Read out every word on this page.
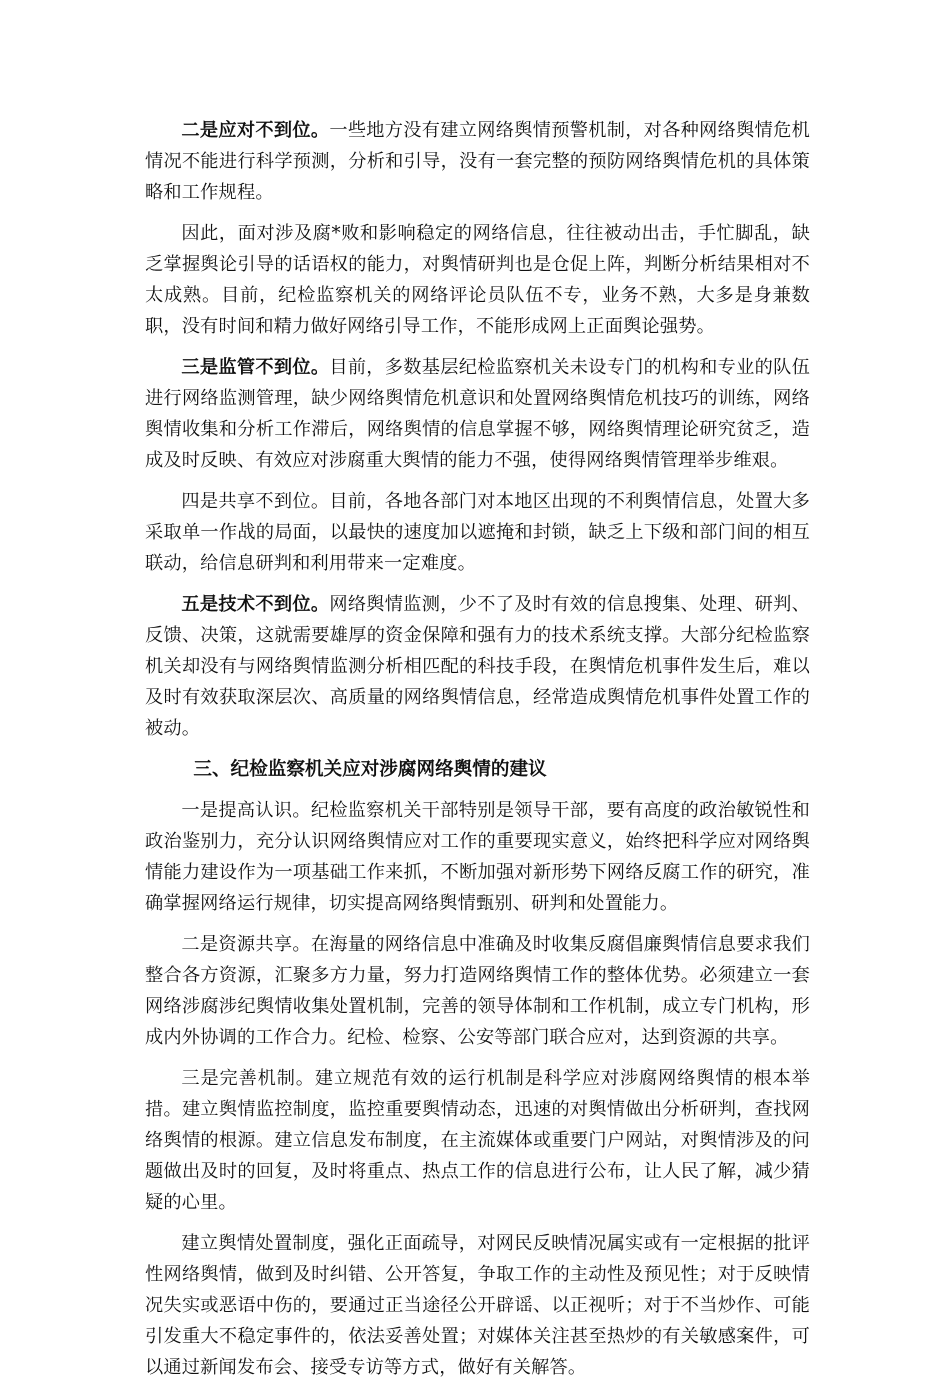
二是应对不到位。一些地方没有建立网络舆情预警机制，对各种网络舆情危机情况不能进行科学预测，分析和引导，没有一套完整的预防网络舆情危机的具体策略和工作规程。

因此，面对涉及腐*败和影响稳定的网络信息，往往被动出击，手忙脚乱，缺乏掌握舆论引导的话语权的能力，对舆情研判也是仓促上阵，判断分析结果相对不太成熟。目前，纪检监察机关的网络评论员队伍不专，业务不熟，大多是身兼数职，没有时间和精力做好网络引导工作，不能形成网上正面舆论强势。

三是监管不到位。目前，多数基层纪检监察机关未设专门的机构和专业的队伍进行网络监测管理，缺少网络舆情危机意识和处置网络舆情危机技巧的训练，网络舆情收集和分析工作滞后，网络舆情的信息掌握不够，网络舆情理论研究贫乏，造成及时反映、有效应对涉腐重大舆情的能力不强，使得网络舆情管理举步维艰。

四是共享不到位。目前，各地各部门对本地区出现的不利舆情信息，处置大多采取单一作战的局面，以最快的速度加以遮掩和封锁，缺乏上下级和部门间的相互联动，给信息研判和利用带来一定难度。

五是技术不到位。网络舆情监测，少不了及时有效的信息搜集、处理、研判、反馈、决策，这就需要雄厚的资金保障和强有力的技术系统支撑。大部分纪检监察机关却没有与网络舆情监测分析相匹配的科技手段，在舆情危机事件发生后，难以及时有效获取深层次、高质量的网络舆情信息，经常造成舆情危机事件处置工作的被动。

三、纪检监察机关应对涉腐网络舆情的建议

一是提高认识。纪检监察机关干部特别是领导干部，要有高度的政治敏锐性和政治鉴别力，充分认识网络舆情应对工作的重要现实意义，始终把科学应对网络舆情能力建设作为一项基础工作来抓，不断加强对新形势下网络反腐工作的研究，准确掌握网络运行规律，切实提高网络舆情甄别、研判和处置能力。

二是资源共享。在海量的网络信息中准确及时收集反腐倡廉舆情信息要求我们整合各方资源，汇聚多方力量，努力打造网络舆情工作的整体优势。必须建立一套网络涉腐涉纪舆情收集处置机制，完善的领导体制和工作机制，成立专门机构，形成内外协调的工作合力。纪检、检察、公安等部门联合应对，达到资源的共享。

三是完善机制。建立规范有效的运行机制是科学应对涉腐网络舆情的根本举措。建立舆情监控制度，监控重要舆情动态，迅速的对舆情做出分析研判，查找网络舆情的根源。建立信息发布制度，在主流媒体或重要门户网站，对舆情涉及的问题做出及时的回复，及时将重点、热点工作的信息进行公布，让人民了解，减少猜疑的心里。

建立舆情处置制度，强化正面疏导，对网民反映情况属实或有一定根据的批评性网络舆情，做到及时纠错、公开答复，争取工作的主动性及预见性；对于反映情况失实或恶语中伤的，要通过正当途径公开辟谣、以正视听；对于不当炒作、可能引发重大不稳定事件的，依法妥善处置；对媒体关注甚至热炒的有关敏感案件，可以通过新闻发布会、接受专访等方式，做好有关解答。
